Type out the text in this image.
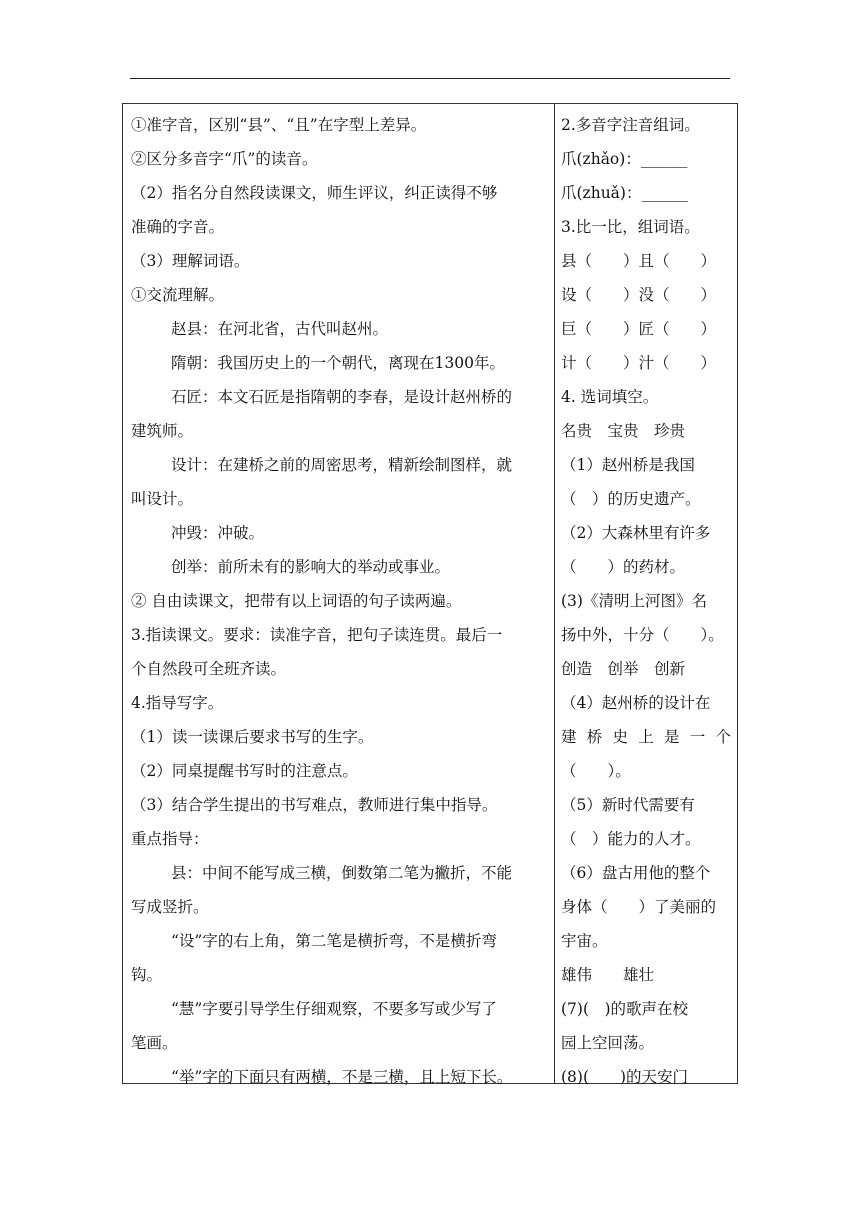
①准字音，区别“县”、“且”在字型上差异。
②区分多音字“爪”的读音。
（2）指名分自然段读课文，师生评议，纠正读得不够
准确的字音。
（3）理解词语。
①交流理解。
赵县：在河北省，古代叫赵州。
隋朝：我国历史上的一个朝代，离现在1300年。
石匠：本文石匠是指隋朝的李春，是设计赵州桥的
建筑师。
设计：在建桥之前的周密思考，精新绘制图样，就
叫设计。
冲毁：冲破。
创举：前所未有的影响大的举动或事业。
② 自由读课文，把带有以上词语的句子读两遍。
3.指读课文。要求：读准字音，把句子读连贯。最后一
个自然段可全班齐读。
4.指导写字。
（1）读一读课后要求书写的生字。
（2）同桌提醒书写时的注意点。
（3）结合学生提出的书写难点，教师进行集中指导。
重点指导：
县：中间不能写成三横，倒数第二笔为撇折，不能
写成竖折。
“设”字的右上角，第二笔是横折弯，不是横折弯
钩。
“慧”字要引导学生仔细观察，不要多写或少写了
笔画。
“举”字的下面只有两横，不是三横，且上短下长。
2.多音字注音组词。
爪(zhǎo)：______
爪(zhuǎ)：______
3.比一比，组词语。
县（　　）且（　　）
设（　　）没（　　）
巨（　　）匠（　　）
计（　　）汁（　　）
4. 选词填空。
名贵　宝贵　珍贵
（1）赵州桥是我国
（　）的历史遗产。
（2）大森林里有许多
（　　）的药材。
(3)《清明上河图》名
扬中外，十分（　　）。
创造　创举　创新
（4）赵州桥的设计在
建桥史上是一个
（　　）。
（5）新时代需要有
（　）能力的人才。
（6）盘古用他的整个
身体（　　）了美丽的
宇宙。
雄伟　　雄壮
(7)(　)的歌声在校
园上空回荡。
(8)(　　)的天安门
